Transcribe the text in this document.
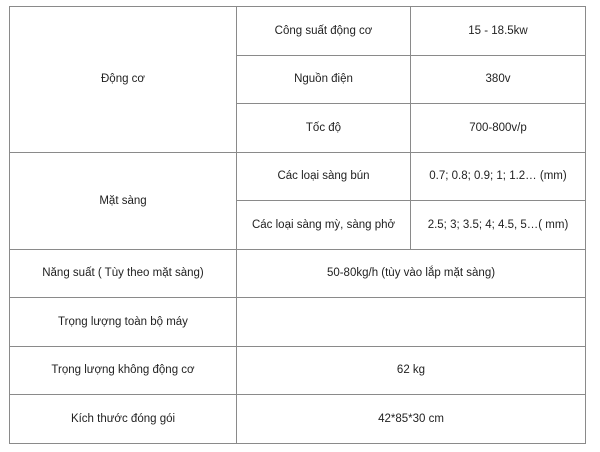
Động cơ	Công suất động cơ	15 - 18.5kw
	Nguồn điện	380v
	Tốc độ	700-800v/p
Mặt sàng	Các loại sàng bún	0.7; 0.8; 0.9; 1; 1.2… (mm)
	Các loại sàng mỳ, sàng phở	2.5; 3; 3.5; 4; 4.5, 5…( mm)
Năng suất ( Tùy theo mặt sàng)	50-80kg/h (tùy vào lắp mặt sàng)	
Trọng lượng toàn bộ máy		
Trọng lượng không động cơ	62 kg	
Kích thước đóng gói	42*85*30 cm	
